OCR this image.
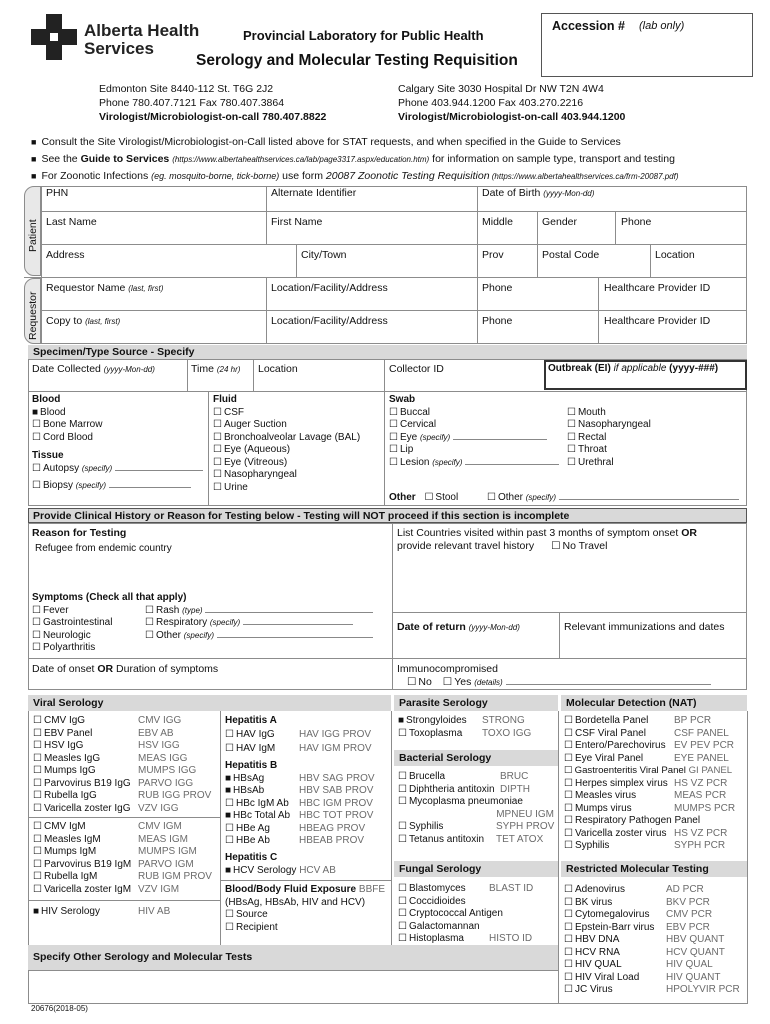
Alberta Health
Services
Provincial Laboratory for Public Health
Serology and Molecular Testing Requisition
Accession # (lab only)
Edmonton Site 8440-112 St. T6G 2J2
Phone 780.407.7121 Fax 780.407.3864
Virologist/Microbiologist-on-call 780.407.8822
Calgary Site 3030 Hospital Dr NW T2N 4W4
Phone 403.944.1200 Fax 403.270.2216
Virologist/Microbiologist-on-call 403.944.1200
■ Consult the Site Virologist/Microbiologist-on-Call listed above for STAT requests, and when specified in the Guide to Services
■ See the Guide to Services (https://www.albertahealthservices.ca/lab/page3317.aspx/education.htm) for information on sample type, transport and testing
■ For Zoonotic Infections (eg. mosquito-borne, tick-borne) use form 20087 Zoonotic Testing Requisition (https://www.albertahealthservices.ca/frm-20087.pdf)
Patient
Requestor
PHN	Alternate Identifier	Date of Birth (yyyy-Mon-dd)
Last Name	First Name	Middle	Gender	Phone
Address	City/Town	Prov	Postal Code	Location
Requestor Name (last, first)	Location/Facility/Address	Phone	Healthcare Provider ID
Copy to (last, first)	Location/Facility/Address	Phone	Healthcare Provider ID
Specimen/Type Source - Specify
Date Collected (yyyy-Mon-dd)	Time (24 hr) Location	Collector ID	Outbreak (EI) if applicable (yyyy-###)
Blood
■ Blood
☐ Bone Marrow
☐ Cord Blood
Tissue
☐ Autopsy (specify)
☐ Biopsy (specify)
Fluid
☐ CSF
☐ Auger Suction
☐ Bronchoalveolar Lavage (BAL)
☐ Eye (Aqueous)
☐ Eye (Vitreous)
☐ Nasopharyngeal
☐ Urine
Swab
☐ Buccal
☐ Cervical
☐ Eye (specify)
☐ Lip
☐ Lesion (specify)
☐ Mouth
☐ Nasopharyngeal
☐ Rectal
☐ Throat
☐ Urethral
Other ☐ Stool	☐ Other (specify)
Provide Clinical History or Reason for Testing below - Testing will NOT proceed if this section is incomplete
Reason for Testing
Refugee from endemic country
List Countries visited within past 3 months of symptom onset OR
provide relevant travel history	☐ No Travel
Symptoms (Check all that apply)
☐ Fever
☐ Gastrointestinal
☐ Neurologic
☐ Polyarthritis
☐ Rash (type)
☐ Respiratory (specify)
☐ Other (specify)
Date of return (yyyy-Mon-dd)	Relevant immunizations and dates
Date of onset OR Duration of symptoms	Immunocompromised
☐ No ☐ Yes (details)
Viral Serology	Parasite Serology	Molecular Detection (NAT)
☐ CMV IgG	CMV IGG
☐ EBV Panel	EBV AB
☐ HSV IgG	HSV IGG
☐ Measles IgG	MEAS IGG
☐ Mumps IgG	MUMPS IGG
☐ Parvovirus B19 IgG PARVO IGG
☐ Rubella IgG	RUB IGG PROV
☐ Varicella zoster IgG VZV IGG
☐ CMV IgM	CMV IGM
☐ Measles IgM	MEAS IGM
☐ Mumps IgM	MUMPS IGM
☐ Parvovirus B19 IgM PARVO IGM
☐ Rubella IgM	RUB IGM PROV
☐ Varicella zoster IgM VZV IGM
■ HIV Serology	HIV AB
Hepatitis A
☐ HAV IgG HAV IGG PROV
☐ HAV IgM HAV IGM PROV
Hepatitis B
■ HBsAg	HBV SAG PROV
■ HBsAb	HBV SAB PROV
☐ HBc IgM Ab HBC IGM PROV
■ HBc Total Ab HBC TOT PROV
☐ HBe Ag	HBEAG PROV
☐ HBe Ab	HBEAB PROV
Hepatitis C
■ HCV Serology HCV AB
Blood/Body Fluid Exposure BBFE
(HBsAg, HBsAb, HIV and HCV)
☐ Source
☐ Recipient
■ Strongyloides STRONG
☐ Toxoplasma TOXO IGG
Bacterial Serology
☐ Brucella	BRUC
☐ Diphtheria antitoxin DIPTH
☐ Mycoplasma pneumoniae
MPNEU IGM
☐ Syphilis	SYPH PROV
☐ Tetanus antitoxin TET ATOX
Fungal Serology
☐ Blastomyces BLAST ID
☐ Coccidioides
☐ Cryptococcal Antigen
☐ Galactomannan
☐ Histoplasma	HISTO ID
☐ Bordetella Panel	BP PCR
☐ CSF Viral Panel	CSF PANEL
☐ Entero/Parechovirus EV PEV PCR
☐ Eye Viral Panel	EYE PANEL
☐ Gastroenteritis Viral Panel GI PANEL
☐ Herpes simplex virus HS VZ PCR
☐ Measles virus	MEAS PCR
☐ Mumps virus	MUMPS PCR
☐ Respiratory Pathogen Panel
☐ Varicella zoster virus HS VZ PCR
☐ Syphilis	SYPH PCR
Restricted Molecular Testing
☐ Adenovirus	AD PCR
☐ BK virus	BKV PCR
☐ Cytomegalovirus CMV PCR
☐ Epstein-Barr virus EBV PCR
☐ HBV DNA	HBV QUANT
☐ HCV RNA	HCV QUANT
☐ HIV QUAL	HIV QUAL
☐ HIV Viral Load	HIV QUANT
☐ JC Virus	HPOLYVIR PCR
Specify Other Serology and Molecular Tests
20676(2018-05)
